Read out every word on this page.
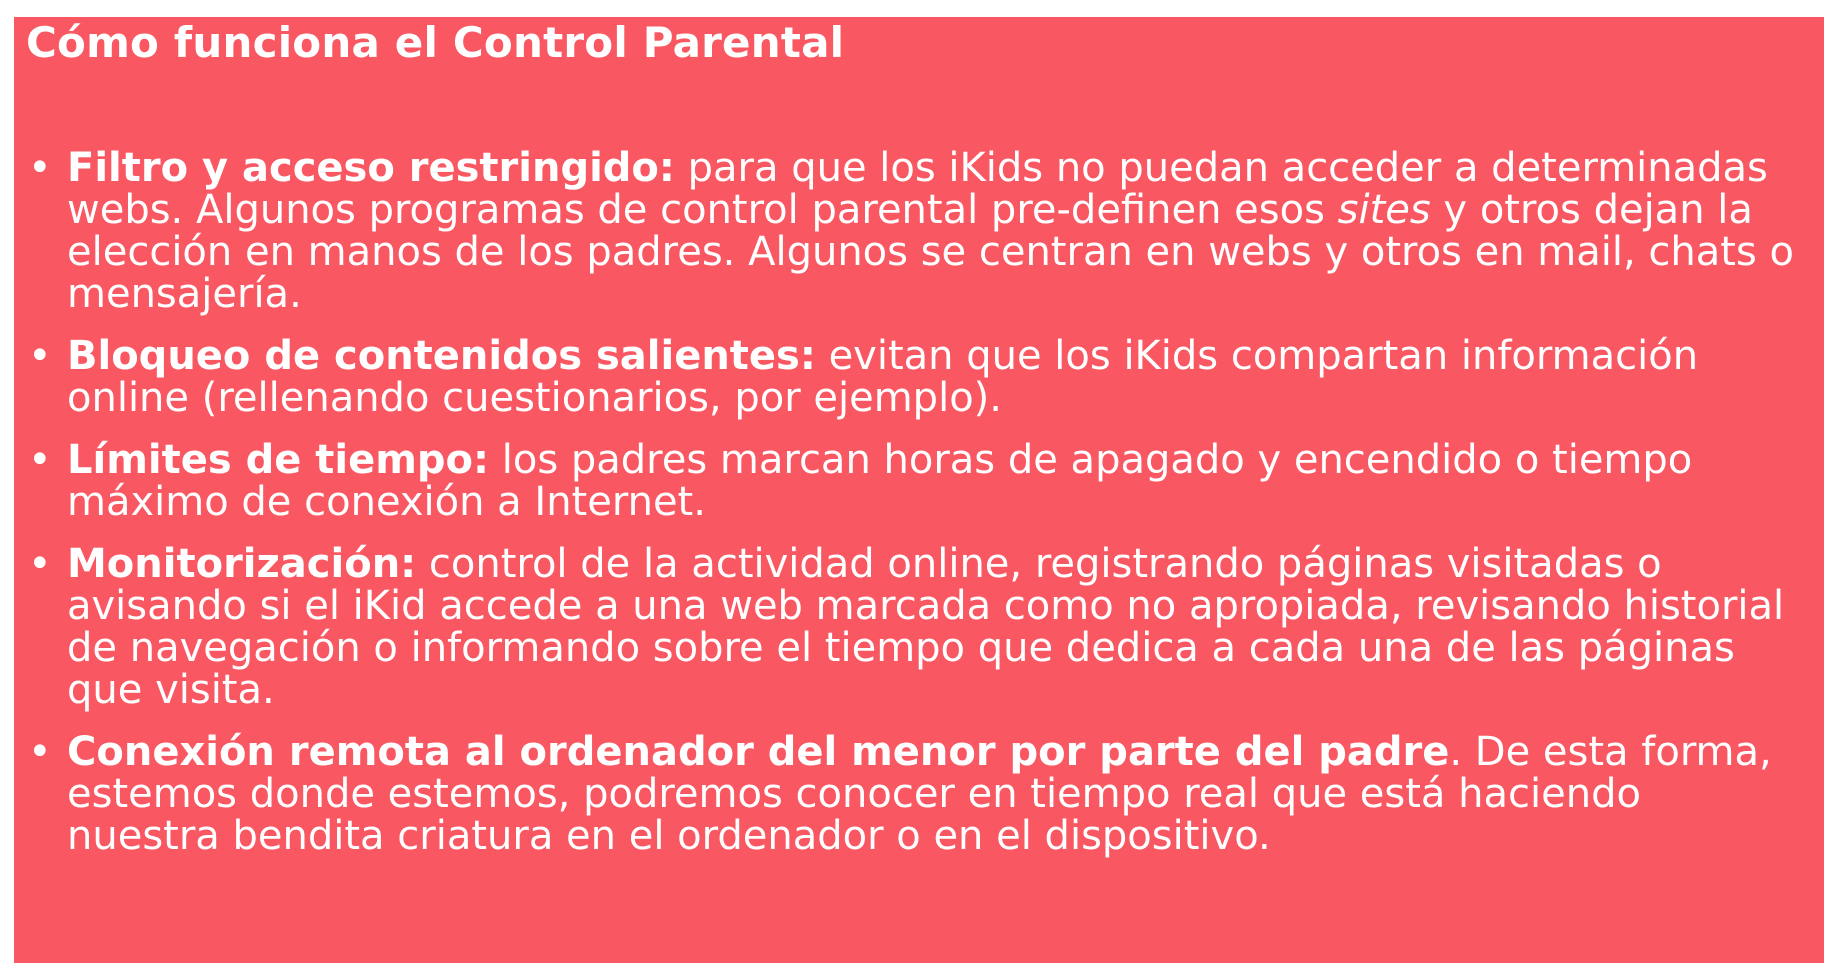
Cómo funciona el Control Parental
• Filtro y acceso restringido: para que los iKids no puedan acceder a determinadas webs. Algunos programas de control parental pre-definen esos sites y otros dejan la elección en manos de los padres. Algunos se centran en webs y otros en mail, chats o mensajería.
• Bloqueo de contenidos salientes: evitan que los iKids compartan información online (rellenando cuestionarios, por ejemplo).
• Límites de tiempo: los padres marcan horas de apagado y encendido o tiempo máximo de conexión a Internet.
• Monitorización: control de la actividad online, registrando páginas visitadas o avisando si el iKid accede a una web marcada como no apropiada, revisando historial de navegación o informando sobre el tiempo que dedica a cada una de las páginas que visita.
• Conexión remota al ordenador del menor por parte del padre. De esta forma, estemos donde estemos, podremos conocer en tiempo real que está haciendo nuestra bendita criatura en el ordenador o en el dispositivo.
